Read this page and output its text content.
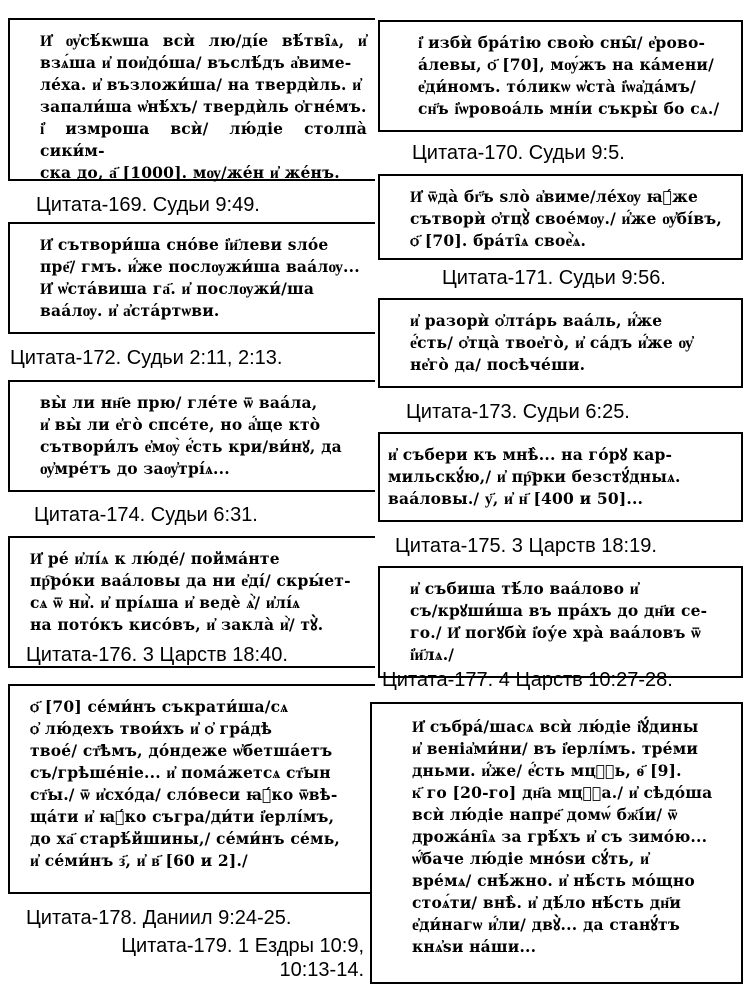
И҆ ѹ҆сѣ́кѡша всѝ лю/ді́е вѣ́тві̑ѧ, и҆ взѧ́ша и҆ пои҆до́ша/ въслѣ́дъ а҆виме-
ле́ха. и҆ възложи́ша/ на твердѝль. и҆
запали́ша ѡ҆нѣ́хъ/ твердѝль ѻ҆гне́мъ.
і҆ измроша всѝ/ лю́діе столпа̀ сики́м-
ска до, а҃ [1000]. мѹ/же́н и҆ же́нъ.
Цитата-169. Судьи 9:49.
і҆ избѝ бра́тію свою̀ сны̑/ е҆рово-
а́левы, ѻ҃ [70], мѹ́жъ на ка́мени/
е҆ди́номъ. то́ликѡ ѡ҆ста̀ і҆ѡа҆да́мъ/
сн҃ъ і҆ѡровоа́ль мні́и съкры̀ бо сѧ./
Цитата-170. Судьи 9:5.
И҆ ѿда̀ бг҃ъ ѕло̀ а҆виме/ле́хѹ ꙗ҆́же
сътворѝ ѻ҆тцꙋ̀ свое́мѹ./ и҆́же ѹ҆бі́въ,
ѻ҃ [70]. бра́ті̑ѧ свое҆̀ѧ.
Цитата-171. Судьи 9:56.
И҆ сътвори́ша сно́ве і҆и҃леви ѕло́е
пре҃/ гмъ. и҆́же послѹжи́ша ваа́лѹ...
И҆ ѡ҆ста́виша га҃. и҆ послѹжи́/ша
ваа́лѹ. и҆ а҆ста́ртѡви.
Цитата-172. Судьи 2:11, 2:13.
и҆ разорѝ ѻ҆лта́рь ваа́ль, и҆́же
е҆́сть/ ѻ҆тца̀ твое҆го̀, и҆ са́дъ и҆́же ѹ҆
не҆го̀ да/ посѣче́ши.
Цитата-173. Судьи 6:25.
вы̀ ли нн҃е прю/ гле́те ѿ ваа́ла,
и҆ вы̀ ли е҆го̀ спсе́те, но а҆́ще кто̀
сътвори́лъ е҆мѹ̀ е҆́сть кри/ви́нꙋ, да
ѹ҆мре́тъ до заѹ҆трі́ѧ...
Цитата-174. Судьи 6:31.
и҆ събери къ мнѣ̀... на го́рꙋ кар-
мильскꙋ́ю,/ и҆ пр҇рки безстꙋ́дныѧ.
ваа́ловы./ у҃, и҆ н҃ [400 и 50]...
Цитата-175. 3 Царств 18:19.
И҆ ре́ и҆лі́ѧ к лю́де́/ пойма́нте
пр҇ро́ки ваа́ловы да ни е҆ді́/ скры́ет-
сѧ ѿ ни҆̀. и҆ прі́ѧша и҆ ведѐ ѧ҆̀/ и҆лі́ѧ
на пото́къ кисо́въ, и҆ закла̀ и҆̀/ тꙋ̀.
Цитата-176. 3 Царств 18:40.
и҆ събиша тѣ́ло ваа́лово и҆
съ/крꙋши́ша въ пра́хъ до дн҃и се-
го./ И҆ погꙋбѝ і҆оу́е хра̀ ваа́ловъ ѿ
і҆и҃лѧ./
Цитата-177. 4 Царств 10:27-28.
ѻ҃ [70] се́ми́нъ съкрати́ша/сѧ
ѻ҆ лю́дехъ твои́хъ и҆ ѻ҆ гра́дѣ
твое́/ ст҃ѣмъ, до́ндеже ѡ҆бетша́етъ
съ/грѣше́ніе... и҆ пома́жетсѧ ст҃ын
ст҃ы./ ѿ и҆схо́да/ сло́веси ꙗ҆́ко ѿвѣ-
ща́ти и҆ ꙗ҆́ко съгра/ди́ти і҆ерлі́мъ,
до ха҃ старѣ́йшины,/ се́ми́нъ се́мь,
и҆ се́ми́нъ з҃, и҆ в҃ [60 и 2]./
Цитата-178. Даниил 9:24-25.
И҆ събра́/шасѧ всѝ лю́діе і҆ꙋ́дины
и҆ веніа҆ми́ни/ въ і҆ерлі́мъ. тре́ми
дньми. и҆́же/ е҆́сть мцⷭ҇ь, ѳ҃ [9].
к҃ го [20-го] дн҃а мцⷭ҇а./ и҆ сѣдо́ша
всѝ лю́діе напре҃ домѡ́ бж҃і́и/ ѿ
дрожа́ні̑ѧ за грѣ́хъ и҆ съ зимо́ю...
ѡ҆́баче лю́діе мно́ѕи сꙋ́ть, и҆
вре́мѧ/ снѣ́жно. и҆ нѣ́сть мо́щно
стоѧ́ти/ внѣ̀. и҆ дѣ́ло нѣ́сть дн҃и
е҆ди́нагѡ и҆́ли/ двꙋ̀... да станꙋ́тъ
кнѧ҆ѕи на́ши...
Цитата-179. 1 Ездры 10:9,
10:13-14.
